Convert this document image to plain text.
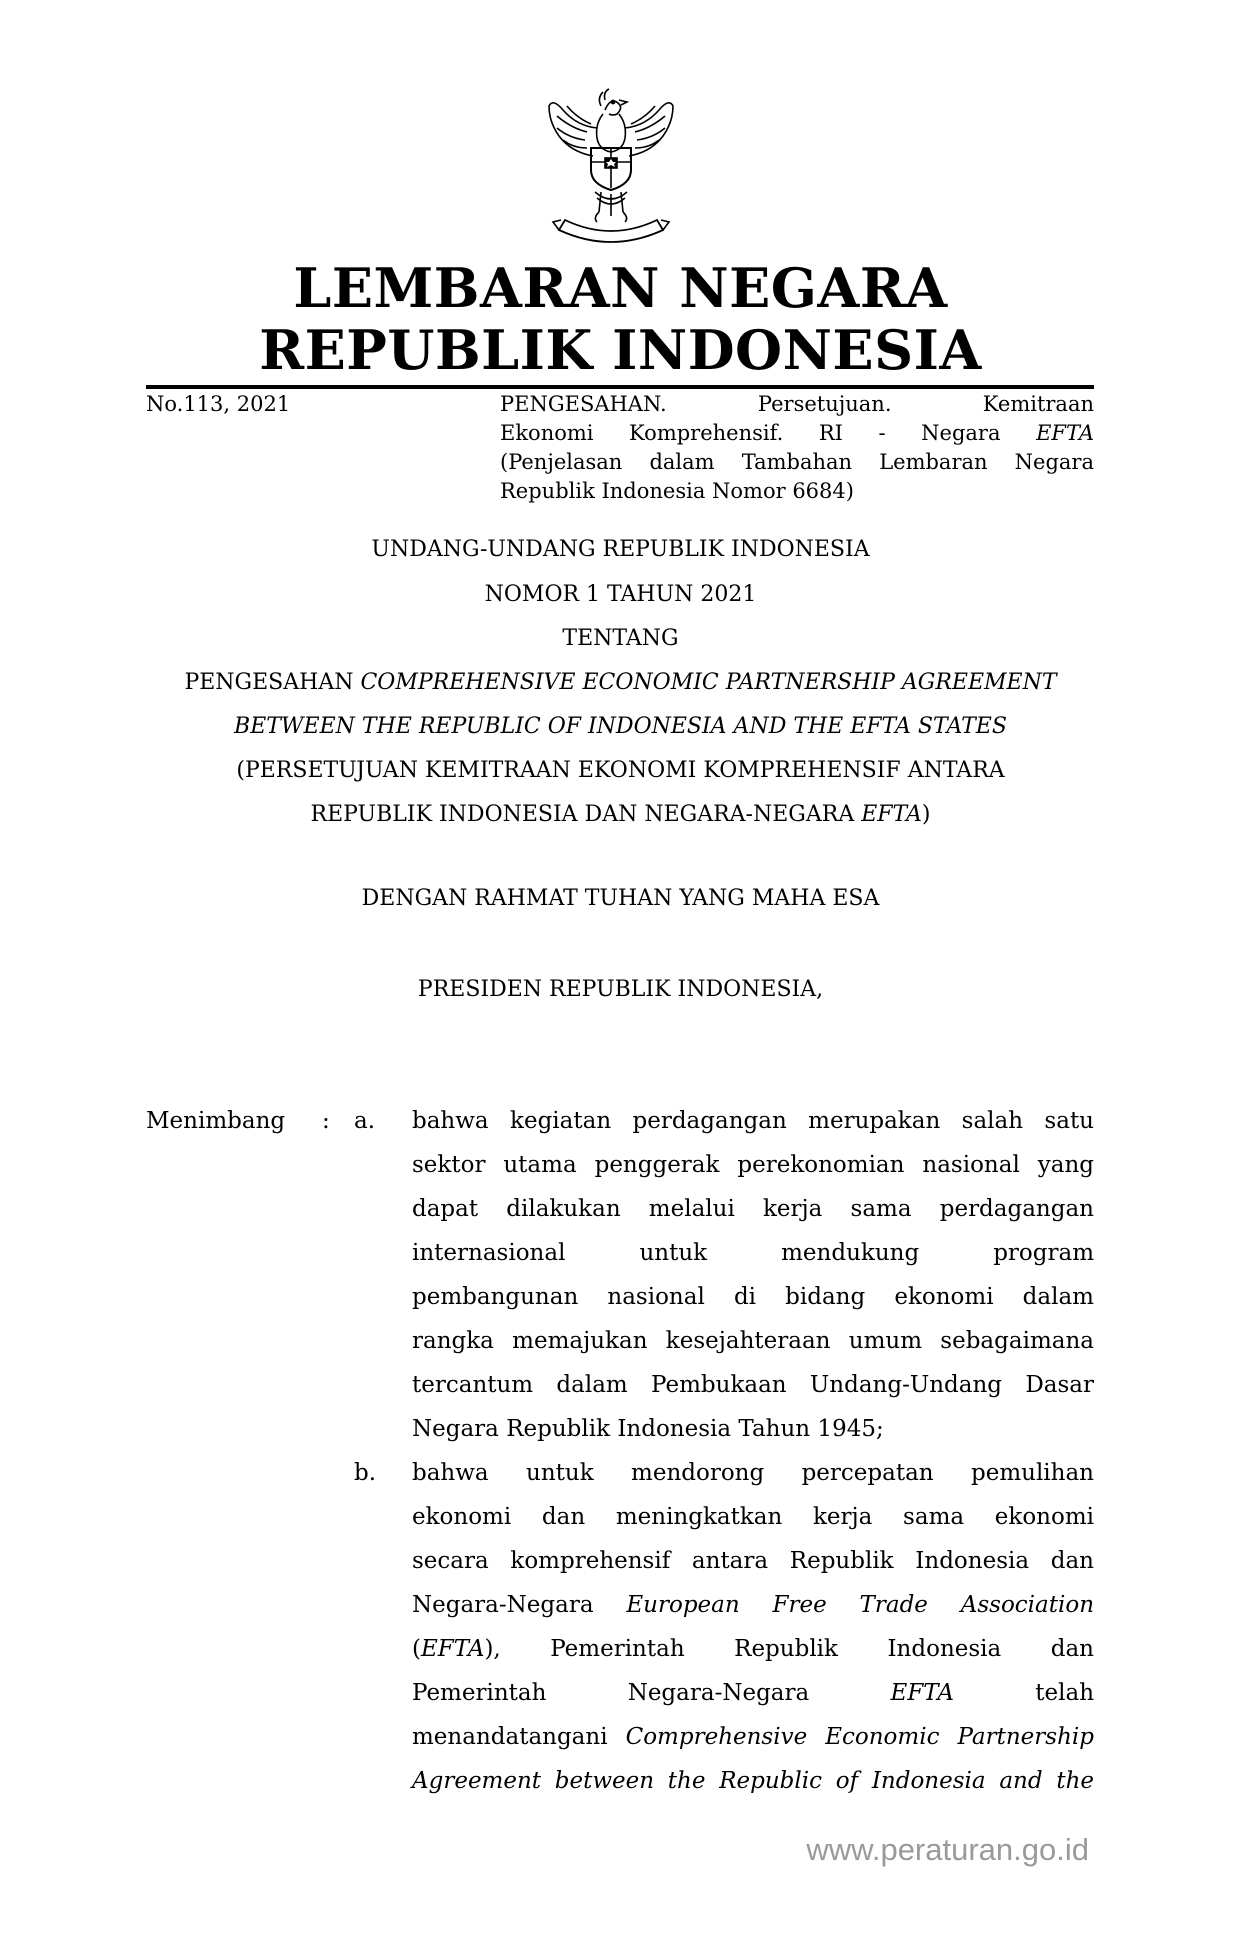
LEMBARAN NEGARA
REPUBLIK INDONESIA
No.113, 2021	PENGESAHAN. Persetujuan. Kemitraan
Ekonomi Komprehensif. RI - Negara EFTA
(Penjelasan dalam Tambahan Lembaran Negara
Republik Indonesia Nomor 6684)
UNDANG-UNDANG REPUBLIK INDONESIA
NOMOR 1 TAHUN 2021
TENTANG
PENGESAHAN COMPREHENSIVE ECONOMIC PARTNERSHIP AGREEMENT
BETWEEN THE REPUBLIC OF INDONESIA AND THE EFTA STATES
(PERSETUJUAN KEMITRAAN EKONOMI KOMPREHENSIF ANTARA
REPUBLIK INDONESIA DAN NEGARA-NEGARA EFTA)
DENGAN RAHMAT TUHAN YANG MAHA ESA
PRESIDEN REPUBLIK INDONESIA,
Menimbang : a. bahwa kegiatan perdagangan merupakan salah satu
sektor utama penggerak perekonomian nasional yang
dapat dilakukan melalui kerja sama perdagangan
internasional untuk mendukung program
pembangunan nasional di bidang ekonomi dalam
rangka memajukan kesejahteraan umum sebagaimana
tercantum dalam Pembukaan Undang-Undang Dasar
Negara Republik Indonesia Tahun 1945;
b. bahwa untuk mendorong percepatan pemulihan
ekonomi dan meningkatkan kerja sama ekonomi
secara komprehensif antara Republik Indonesia dan
Negara-Negara European Free Trade Association
(EFTA), Pemerintah Republik Indonesia dan
Pemerintah Negara-Negara	EFTA	telah
menandatangani Comprehensive Economic Partnership
Agreement between the Republic of Indonesia and the
www.peraturan.go.id
